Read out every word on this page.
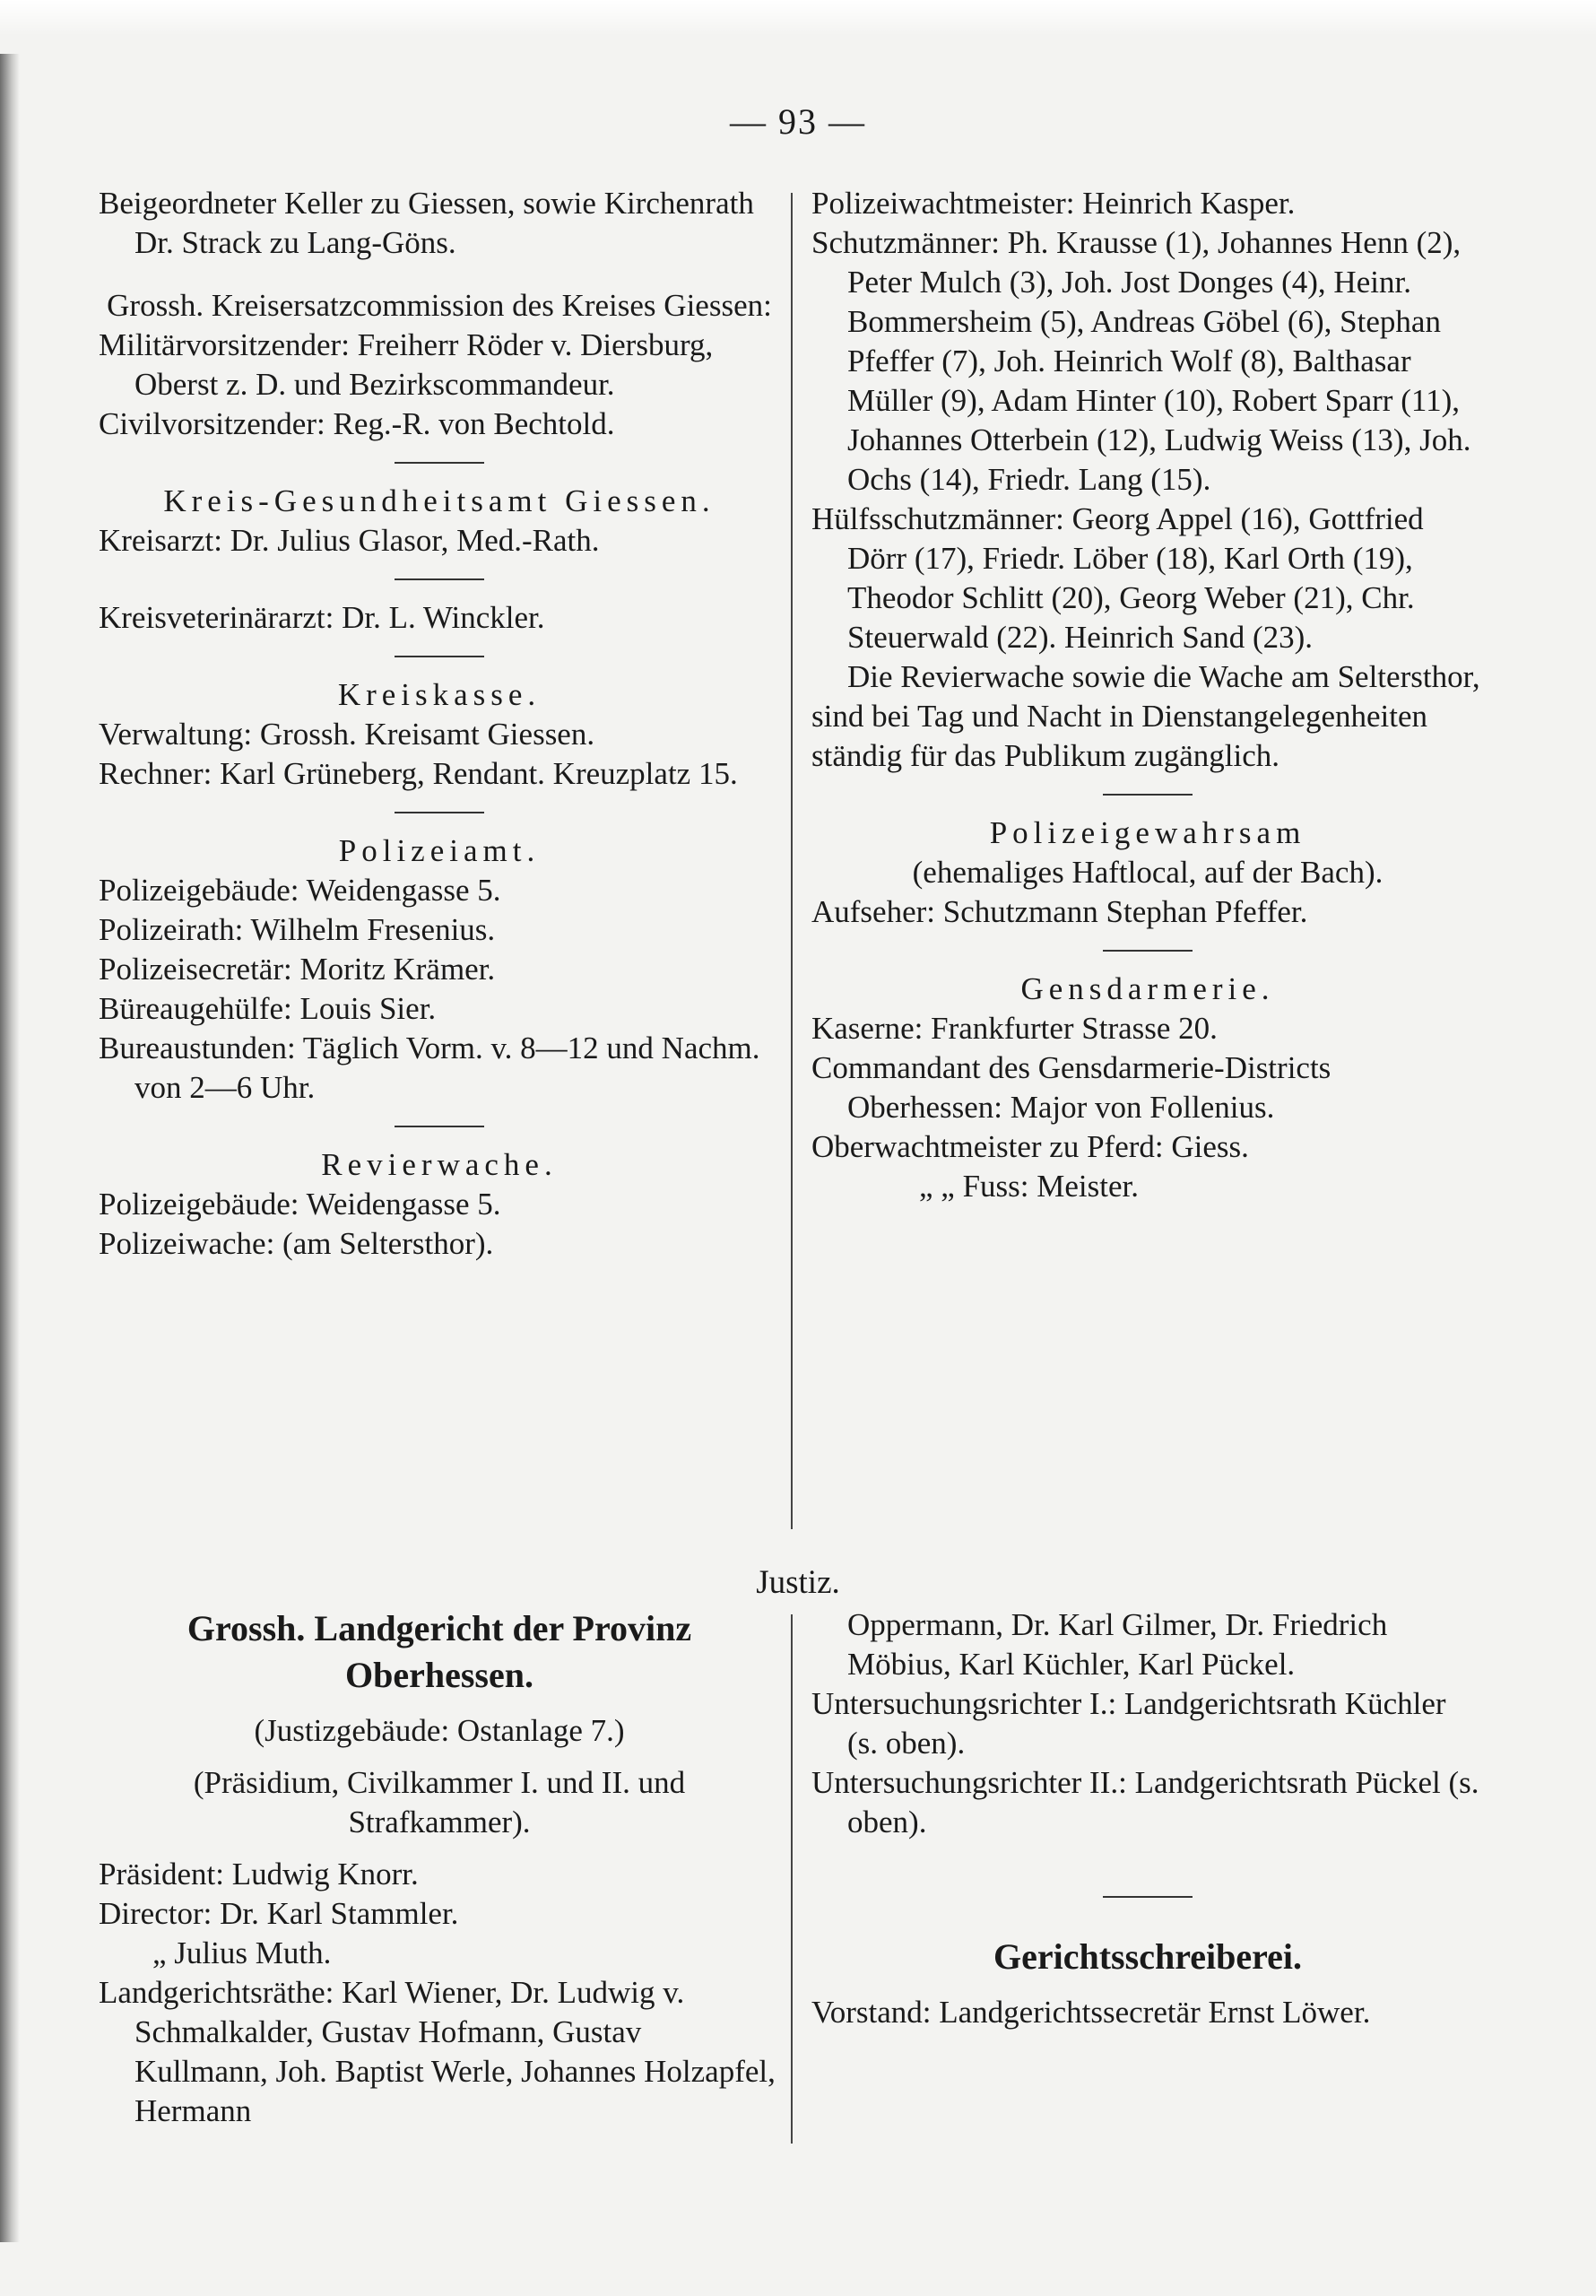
— 93 —

Beigeordneter Keller zu Giessen, sowie Kirchenrath Dr. Strack zu Lang-Göns.

Grossh. Kreisersatzcommission des Kreises Giessen:

Militärvorsitzender: Freiherr Röder v. Diersburg, Oberst z. D. und Bezirkscommandeur.

Civilvorsitzender: Reg.-R. von Bechtold.

Kreis-Gesundheitsamt Giessen.

Kreisarzt: Dr. Julius Glasor, Med.-Rath.

Kreisveterinärarzt: Dr. L. Winckler.

Kreiskasse.

Verwaltung: Grossh. Kreisamt Giessen.

Rechner: Karl Grüneberg, Rendant. Kreuzplatz 15.

Polizeiamt.

Polizeigebäude: Weidengasse 5.

Polizeirath: Wilhelm Fresenius.

Polizeisecretär: Moritz Krämer.

Büreaugehülfe: Louis Sier.

Bureaustunden: Täglich Vorm. v. 8—12 und Nachm. von 2—6 Uhr.

Revierwache.

Polizeigebäude: Weidengasse 5.

Polizeiwache: (am Seltersthor).

Polizeiwachtmeister: Heinrich Kasper.

Schutzmänner: Ph. Krausse (1), Johannes Henn (2), Peter Mulch (3), Joh. Jost Donges (4), Heinr. Bommersheim (5), Andreas Göbel (6), Stephan Pfeffer (7), Joh. Heinrich Wolf (8), Balthasar Müller (9), Adam Hinter (10), Robert Sparr (11), Johannes Otterbein (12), Ludwig Weiss (13), Joh. Ochs (14), Friedr. Lang (15).

Hülfsschutzmänner: Georg Appel (16), Gottfried Dörr (17), Friedr. Löber (18), Karl Orth (19), Theodor Schlitt (20), Georg Weber (21), Chr. Steuerwald (22). Heinrich Sand (23).

Die Revierwache sowie die Wache am Seltersthor, sind bei Tag und Nacht in Dienstangelegenheiten ständig für das Publikum zugänglich.

Polizeigewahrsam

(ehemaliges Haftlocal, auf der Bach).

Aufseher: Schutzmann Stephan Pfeffer.

Gensdarmerie.

Kaserne: Frankfurter Strasse 20.

Commandant des Gensdarmerie-Districts Oberhessen: Major von Follenius.

Oberwachtmeister zu Pferd: Giess.

„ „ Fuss: Meister.

Justiz.

Grossh. Landgericht der Provinz Oberhessen.

(Justizgebäude: Ostanlage 7.)

(Präsidium, Civilkammer I. und II. und Strafkammer).

Präsident: Ludwig Knorr.

Director: Dr. Karl Stammler.

„ Julius Muth.

Landgerichtsräthe: Karl Wiener, Dr. Ludwig v. Schmalkalder, Gustav Hofmann, Gustav Kullmann, Joh. Baptist Werle, Johannes Holzapfel, Hermann

Oppermann, Dr. Karl Gilmer, Dr. Friedrich Möbius, Karl Küchler, Karl Pückel.

Untersuchungsrichter I.: Landgerichtsrath Küchler (s. oben).

Untersuchungsrichter II.: Landgerichtsrath Pückel (s. oben).

Gerichtsschreiberei.

Vorstand: Landgerichtssecretär Ernst Löwer.
